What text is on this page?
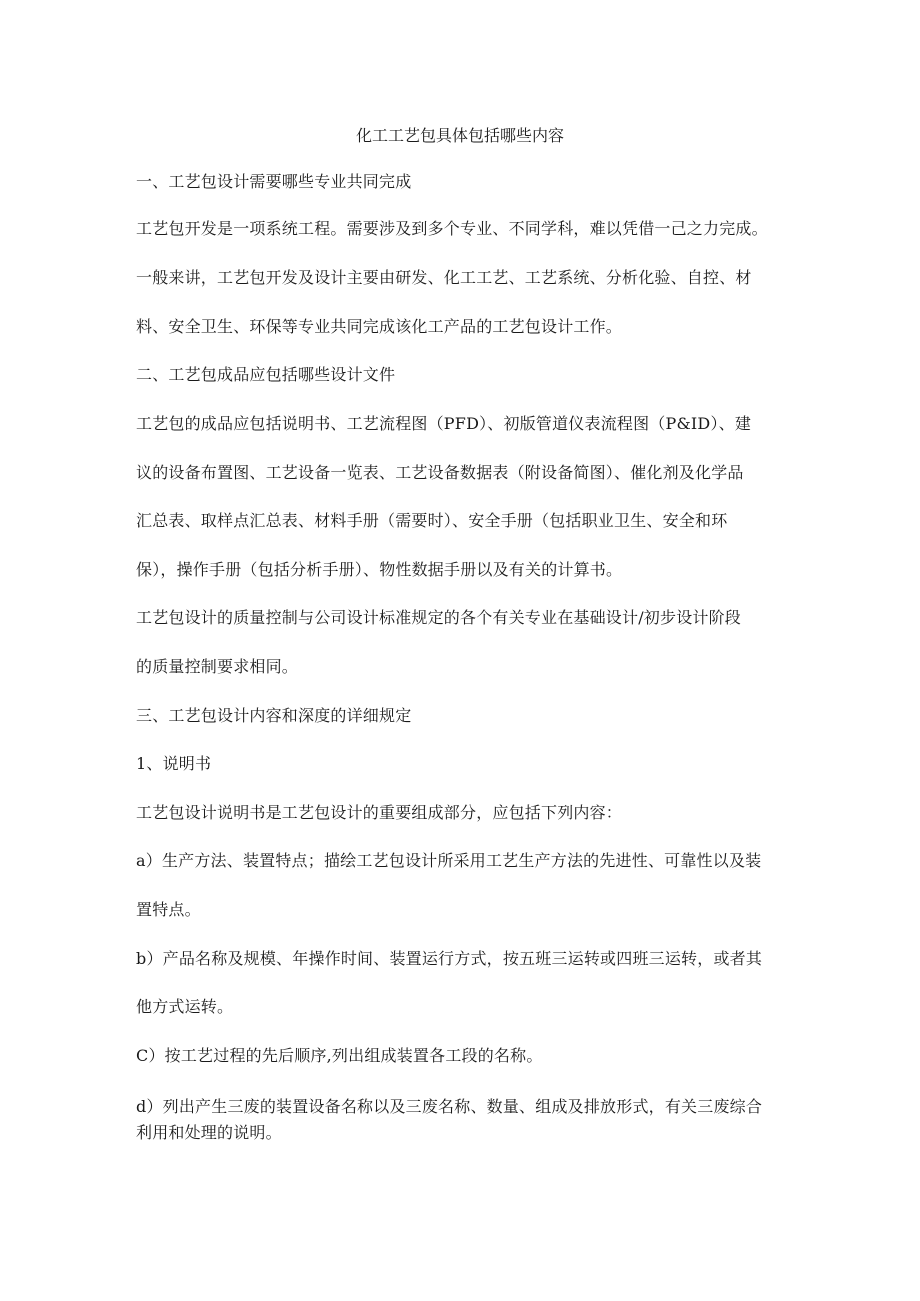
化工工艺包具体包括哪些内容
一、工艺包设计需要哪些专业共同完成
工艺包开发是一项系统工程。需要涉及到多个专业、不同学科，难以凭借一己之力完成。
一般来讲，工艺包开发及设计主要由研发、化工工艺、工艺系统、分析化验、自控、材
料、安全卫生、环保等专业共同完成该化工产品的工艺包设计工作。
二、工艺包成品应包括哪些设计文件
工艺包的成品应包括说明书、工艺流程图（PFD）、初版管道仪表流程图（P&ID）、建
议的设备布置图、工艺设备一览表、工艺设备数据表（附设备简图）、催化剂及化学品
汇总表、取样点汇总表、材料手册（需要时）、安全手册（包括职业卫生、安全和环
保），操作手册（包括分析手册）、物性数据手册以及有关的计算书。
工艺包设计的质量控制与公司设计标准规定的各个有关专业在基础设计/初步设计阶段
的质量控制要求相同。
三、工艺包设计内容和深度的详细规定
1、说明书
工艺包设计说明书是工艺包设计的重要组成部分，应包括下列内容：
a）生产方法、装置特点；描绘工艺包设计所采用工艺生产方法的先进性、可靠性以及装
置特点。
b）产品名称及规模、年操作时间、装置运行方式，按五班三运转或四班三运转，或者其
他方式运转。
C）按工艺过程的先后顺序,列出组成装置各工段的名称。
d）列出产生三废的装置设备名称以及三废名称、数量、组成及排放形式，有关三废综合
利用和处理的说明。
